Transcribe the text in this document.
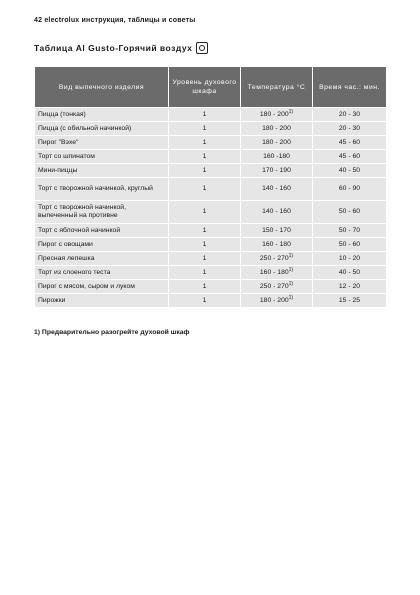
42 electrolux инструкция, таблицы и советы
Таблица Al Gusto-Горячий воздух
Вид выпечного изделия	Уровень духового шкафа	Температура °C	Время час.: мин.
Пицца (тонкая)	1	180 - 200$^{1)}$	20 - 30
Пицца (с обильной начинкой)	1	180 - 200	20 - 30
Пирог "Вэхе"	1	180 - 200	45 - 60
Торт со шпинатом	1	160 -180	45 - 60
Мини-пиццы	1	170 - 190	40 - 50
Торт с творожной начинкой, круглый	1	140 - 160	60 - 90
Торт с творожной начинкой, выпеченный на противне	1	140 - 160	50 - 60
Торт с яблочной начинкой	1	150 - 170	50 - 70
Пирог с овощами	1	160 - 180	50 - 60
Пресная лепешка	1	250 - 270$^{1)}$	10 - 20
Торт из слоеного теста	1	160 - 180$^{1)}$	40 - 50
Пирог с мясом, сыром и луком	1	250 - 270$^{1)}$	12 - 20
Пирожки	1	180 - 200$^{1)}$	15 - 25
1) Предварительно разогрейте духовой шкаф
